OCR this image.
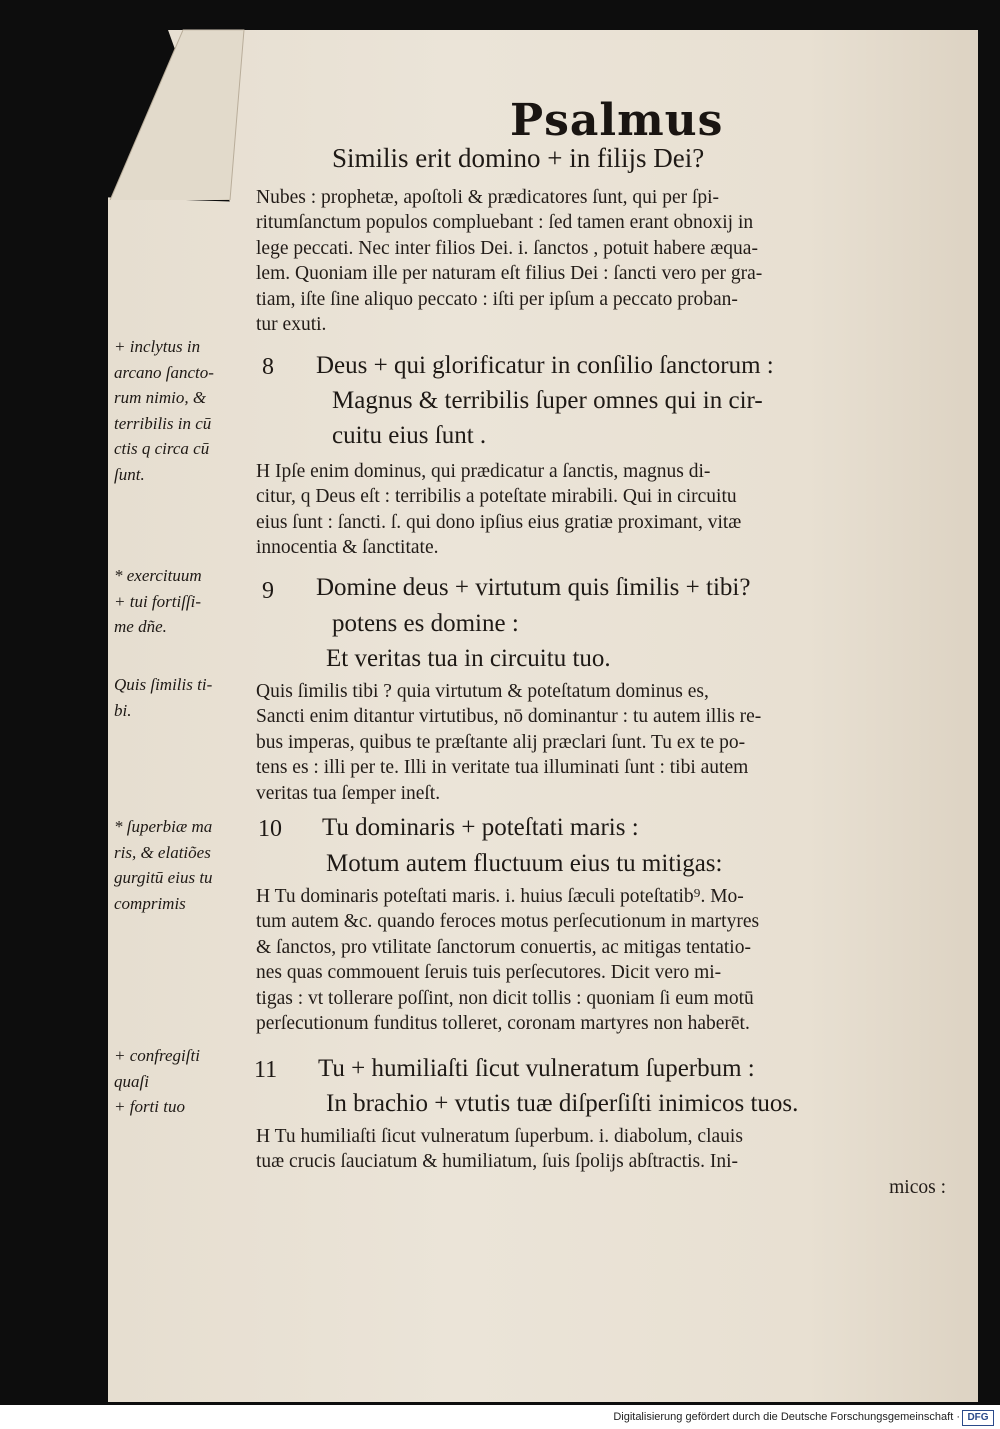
Psalmus
Similis erit domino + in filijs Dei?
Nubes : prophetæ, apoſtoli & prædicatores ſunt, qui per ſpi-
ritumſanctum populos compluebant : ſed tamen erant obnoxij in
lege peccati. Nec inter filios Dei. i. ſanctos , potuit habere æqua-
lem. Quoniam ille per naturam eſt filius Dei : ſancti vero per gra-
tiam, iſte ſine aliquo peccato : iſti per ipſum a peccato proban-
tur exuti.
8 Deus + qui glorificatur in conſilio ſanctorum :
Magnus & terribilis ſuper omnes qui in cir-
cuitu eius ſunt .
H Ipſe enim dominus, qui prædicatur a ſanctis, magnus di-
citur, q Deus eſt : terribilis a poteſtate mirabili. Qui in circuitu
eius ſunt : ſancti. ſ. qui dono ipſius eius gratiæ proximant, vitæ
innocentia & ſanctitate.
9 Domine deus + virtutum quis ſimilis + tibi?
potens es domine :
Et veritas tua in circuitu tuo.
Quis ſimilis tibi ? quia virtutum & poteſtatum dominus es,
Sancti enim ditantur virtutibus, nō dominantur : tu autem illis re-
bus imperas, quibus te præſtante alij præclari ſunt. Tu ex te po-
tens es : illi per te. Illi in veritate tua illuminati ſunt : tibi autem
veritas tua ſemper ineſt.
10 Tu dominaris + poteſtati maris :
Motum autem fluctuum eius tu mitigas:
H Tu dominaris poteſtati maris. i. huius ſæculi poteſtatib⁹. Mo-
tum autem &c. quando feroces motus perſecutionum in martyres
& ſanctos, pro vtilitate ſanctorum conuertis, ac mitigas tentatio-
nes quas commouent ſeruis tuis perſecutores. Dicit vero mi-
tigas : vt tollerare poſſint, non dicit tollis : quoniam ſi eum motū
perſecutionum funditus tolleret, coronam martyres non haberēt.
11 Tu + humiliaſti ſicut vulneratum ſuperbum :
In brachio + vtutis tuæ diſperſiſti inimicos tuos.
H Tu humiliaſti ſicut vulneratum ſuperbum. i. diabolum, clauis
tuæ crucis ſauciatum & humiliatum, ſuis ſpolijs abſtractis. Ini-
micos :
+ inclytus in
arcano ſancto-
rum nimio, &
terribilis in cū
ctis q circa cū
ſunt.
* exercituum
+ tui fortiſſi-
me dñe.
Quis ſimilis ti-
bi.
* ſuperbiæ ma
ris, & elatiões
gurgitū eius tu
comprimis
+ confregiſti
quaſi
+ forti tuo
Digitalisierung gefördert durch die Deutsche Forschungsgemeinschaft · DFG
